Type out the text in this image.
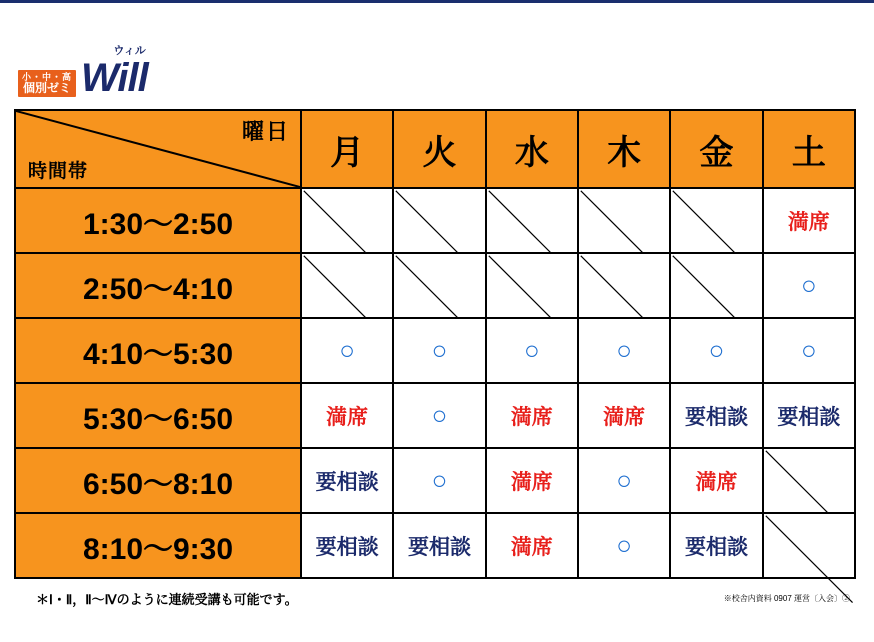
小・中・高
個別ゼミ
ウィル
Will
曜日
時間帯	月	火	水	木	金	土
1:30〜2:50						満席
2:50〜4:10						○
4:10〜5:30	○	○	○	○	○	○
5:30〜6:50	満席	○	満席	満席	要相談	要相談
6:50〜8:10	要相談	○	満席	○	満席	

8:10〜9:30	要相談	要相談	満席	○	要相談	
＊Ⅰ・Ⅱ，Ⅱ〜Ⅳのように連続受講も可能です。	※校舎内資料 0907 運営〔入会〕②
